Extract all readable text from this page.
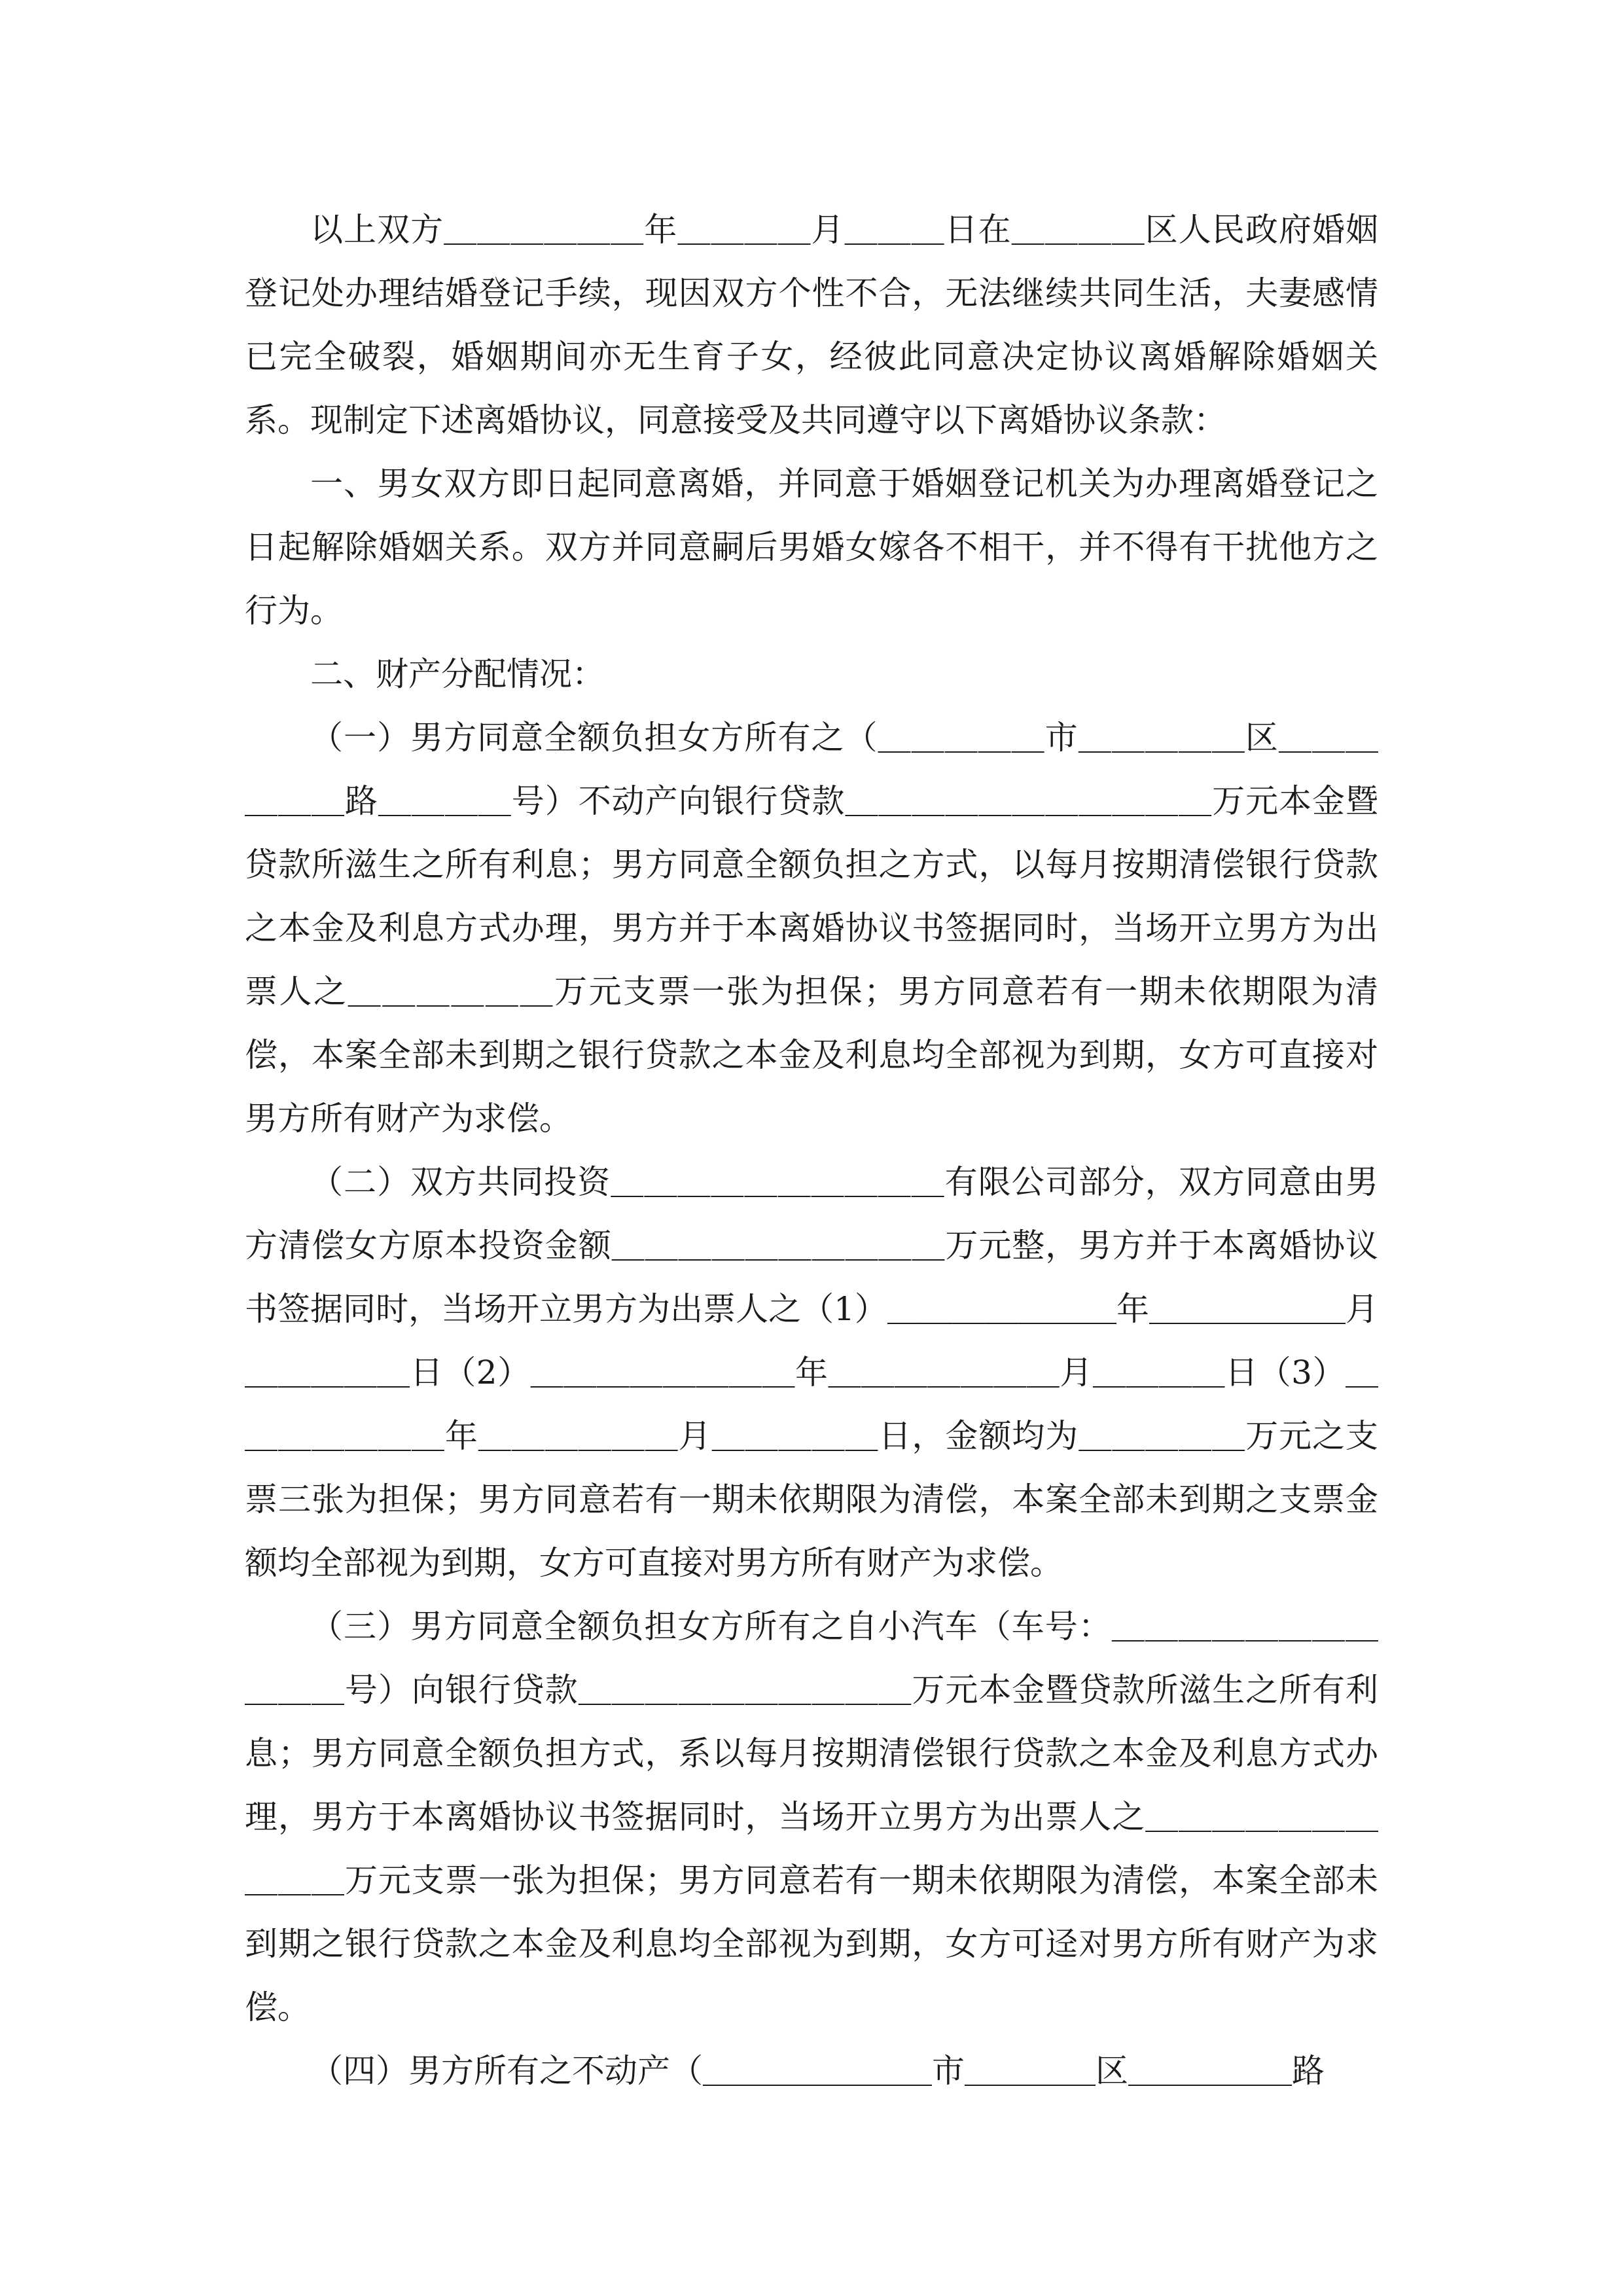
以上双方＿＿＿＿＿＿年＿＿＿＿月＿＿＿日在＿＿＿＿区人民政府婚姻登记处办理结婚登记手续，现因双方个性不合，无法继续共同生活，夫妻感情已完全破裂，婚姻期间亦无生育子女，经彼此同意决定协议离婚解除婚姻关系。现制定下述离婚协议，同意接受及共同遵守以下离婚协议条款：

一、男女双方即日起同意离婚，并同意于婚姻登记机关为办理离婚登记之日起解除婚姻关系。双方并同意嗣后男婚女嫁各不相干，并不得有干扰他方之行为。

二、财产分配情况：

（一）男方同意全额负担女方所有之（＿＿＿＿＿市＿＿＿＿＿区＿＿＿＿＿＿路＿＿＿＿号）不动产向银行贷款＿＿＿＿＿＿＿＿＿＿＿万元本金暨贷款所滋生之所有利息；男方同意全额负担之方式，以每月按期清偿银行贷款之本金及利息方式办理，男方并于本离婚协议书签据同时，当场开立男方为出票人之＿＿＿＿＿＿万元支票一张为担保；男方同意若有一期未依期限为清偿，本案全部未到期之银行贷款之本金及利息均全部视为到期，女方可直接对男方所有财产为求偿。

（二）双方共同投资＿＿＿＿＿＿＿＿＿＿有限公司部分，双方同意由男方清偿女方原本投资金额＿＿＿＿＿＿＿＿＿＿万元整，男方并于本离婚协议书签据同时，当场开立男方为出票人之（1）＿＿＿＿＿＿＿年＿＿＿＿＿＿月＿＿＿＿＿日（2）＿＿＿＿＿＿＿＿年＿＿＿＿＿＿＿月＿＿＿＿日（3）＿＿＿＿＿＿＿年＿＿＿＿＿＿月＿＿＿＿＿日，金额均为＿＿＿＿＿万元之支票三张为担保；男方同意若有一期未依期限为清偿，本案全部未到期之支票金额均全部视为到期，女方可直接对男方所有财产为求偿。

（三）男方同意全额负担女方所有之自小汽车（车号：＿＿＿＿＿＿＿＿＿＿＿号）向银行贷款＿＿＿＿＿＿＿＿＿＿万元本金暨贷款所滋生之所有利息；男方同意全额负担方式，系以每月按期清偿银行贷款之本金及利息方式办理，男方于本离婚协议书签据同时，当场开立男方为出票人之＿＿＿＿＿＿＿＿＿＿万元支票一张为担保；男方同意若有一期未依期限为清偿，本案全部未到期之银行贷款之本金及利息均全部视为到期，女方可迳对男方所有财产为求偿。

（四）男方所有之不动产（＿＿＿＿＿＿＿市＿＿＿＿区＿＿＿＿＿路
